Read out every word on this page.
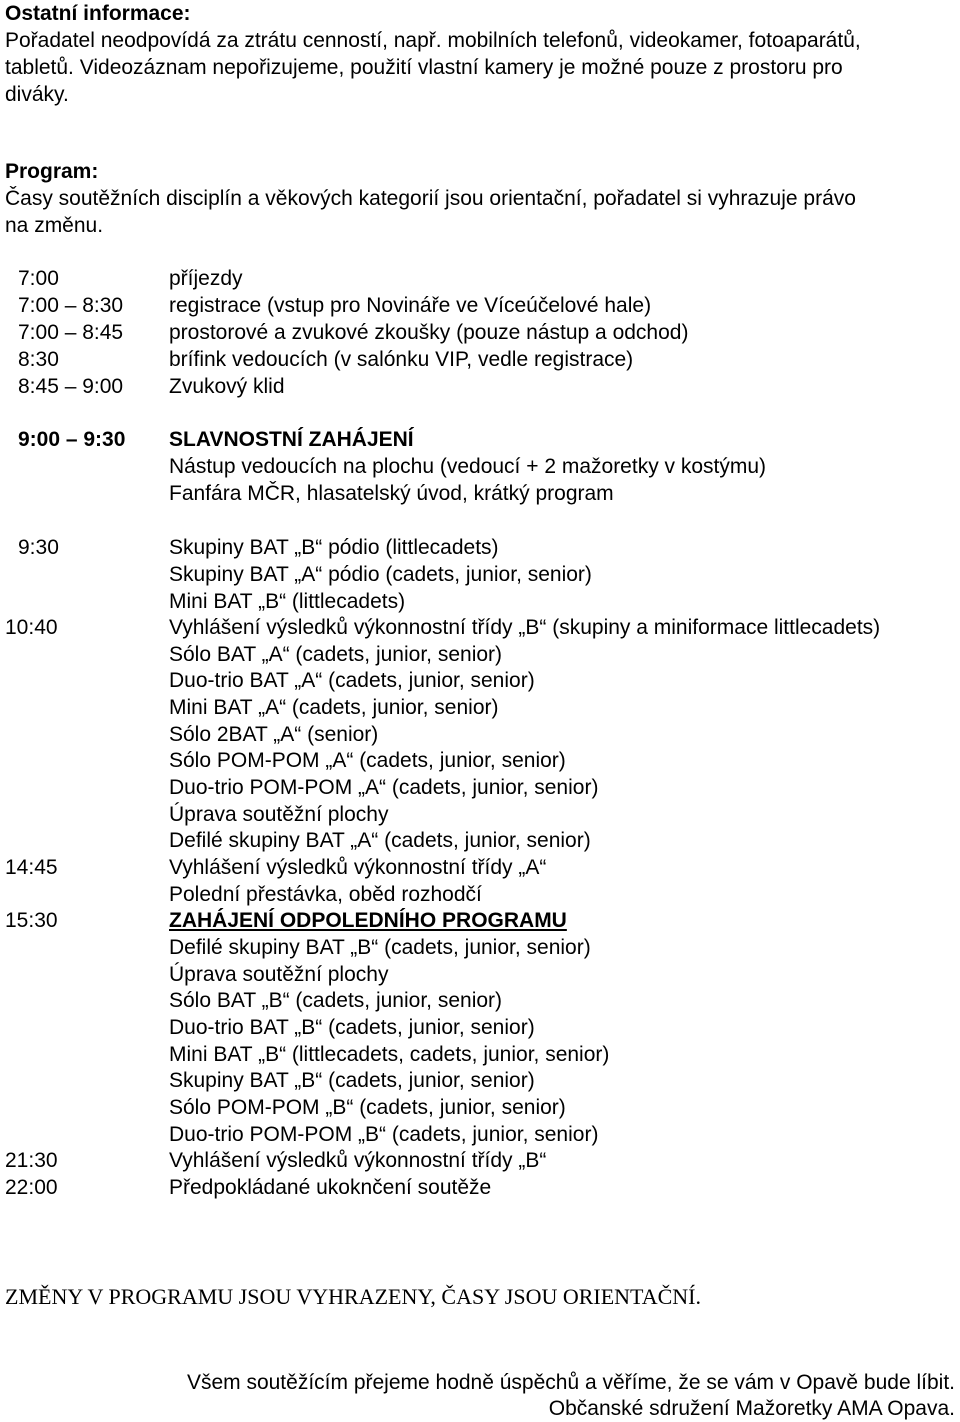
Ostatní informace:
Pořadatel neodpovídá za ztrátu cenností, např. mobilních telefonů, videokamer, fotoaparátů,
tabletů. Videozáznam nepořizujeme, použití vlastní kamery je možné pouze z prostoru pro
diváky.
Program:
Časy soutěžních disciplín a věkových kategorií jsou orientační, pořadatel si vyhrazuje právo
na změnu.
7:00	příjezdy
7:00 – 8:30 registrace (vstup pro Novináře ve Víceúčelové hale)
7:00 – 8:45 prostorové a zvukové zkoušky (pouze nástup a odchod)
8:30	brífink vedoucích (v salónku VIP, vedle registrace)
8:45 – 9:00 Zvukový klid
9:00 – 9:30 SLAVNOSTNÍ ZAHÁJENÍ
Nástup vedoucích na plochu (vedoucí + 2 mažoretky v kostýmu)
Fanfára MČR, hlasatelský úvod, krátký program
9:30	Skupiny BAT „B“ pódio (littlecadets)
Skupiny BAT „A“ pódio (cadets, junior, senior)
Mini BAT „B“ (littlecadets)
10:40	Vyhlášení výsledků výkonnostní třídy „B“ (skupiny a miniformace littlecadets)
Sólo BAT „A“ (cadets, junior, senior)
Duo-trio BAT „A“ (cadets, junior, senior)
Mini BAT „A“ (cadets, junior, senior)
Sólo 2BAT „A“ (senior)
Sólo POM-POM „A“ (cadets, junior, senior)
Duo-trio POM-POM „A“ (cadets, junior, senior)
Úprava soutěžní plochy
Defilé skupiny BAT „A“ (cadets, junior, senior)
14:45	Vyhlášení výsledků výkonnostní třídy „A“
Polední přestávka, oběd rozhodčí
15:30	ZAHÁJENÍ ODPOLEDNÍHO PROGRAMU
Defilé skupiny BAT „B“ (cadets, junior, senior)
Úprava soutěžní plochy
Sólo BAT „B“ (cadets, junior, senior)
Duo-trio BAT „B“ (cadets, junior, senior)
Mini BAT „B“ (littlecadets, cadets, junior, senior)
Skupiny BAT „B“ (cadets, junior, senior)
Sólo POM-POM „B“ (cadets, junior, senior)
Duo-trio POM-POM „B“ (cadets, junior, senior)
21:30	Vyhlášení výsledků výkonnostní třídy „B“
22:00	Předpokládané ukoknčení soutěže
ZMĚNY V PROGRAMU JSOU VYHRAZENY, ČASY JSOU ORIENTAČNÍ.
Všem soutěžícím přejeme hodně úspěchů a věříme, že se vám v Opavě bude líbit.
Občanské sdružení Mažoretky AMA Opava.
